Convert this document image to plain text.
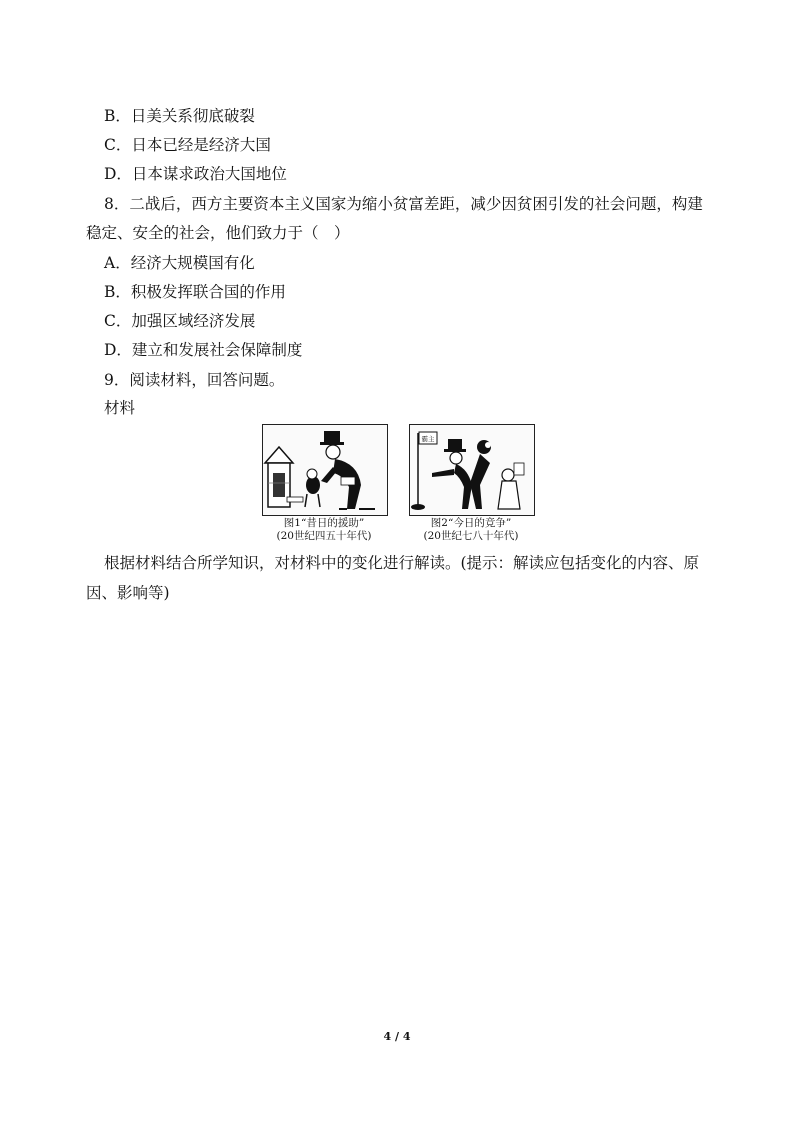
B．日美关系彻底破裂
C．日本已经是经济大国
D．日本谋求政治大国地位
8．二战后，西方主要资本主义国家为缩小贫富差距，减少因贫困引发的社会问题，构建
稳定、安全的社会，他们致力于（　）
A．经济大规模国有化
B．积极发挥联合国的作用
C．加强区域经济发展
D．建立和发展社会保障制度
9．阅读材料，回答问题。
材料
图1“昔日的援助”
(20世纪四五十年代)
霸主
图2“今日的竞争”
(20世纪七八十年代)
根据材料结合所学知识，对材料中的变化进行解读。(提示：解读应包括变化的内容、原
因、影响等)
4 / 4
